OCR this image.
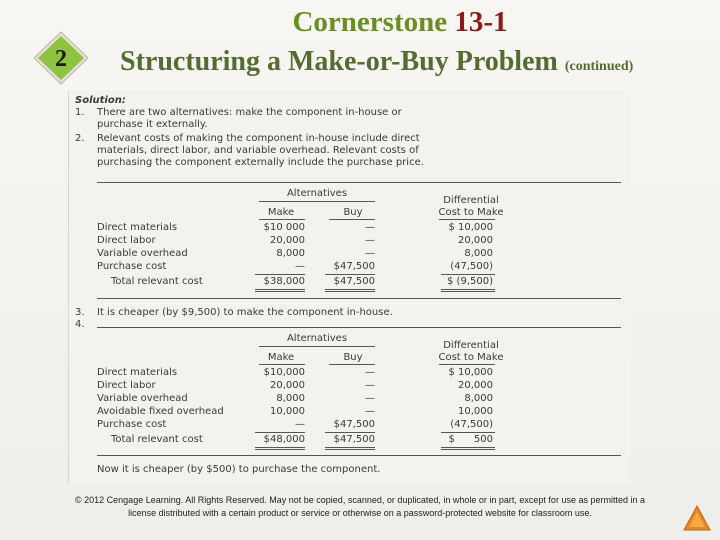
2
Cornerstone 13-1
Structuring a Make-or-Buy Problem (continued)
Solution:
1. There are two alternatives: make the component in-house or
purchase it externally.
2. Relevant costs of making the component in-house include direct
materials, direct labor, and variable overhead. Relevant costs of
purchasing the component externally include the purchase price.
Alternatives
Differential
Cost to Make
Make	Buy
Direct materials	$10 000	—	$ 10,000
Direct labor	20,000	—	20,000
Variable overhead	8,000	—	8,000
Purchase cost	—	$47,500	(47,500)
Total relevant cost	$38,000	$47,500	$ (9,500)
3. It is cheaper (by $9,500) to make the component in-house.
4.
Alternatives
Differential
Cost to Make
Make	Buy
Direct materials	$10,000	—	$ 10,000
Direct labor	20,000	—	20,000
Variable overhead	8,000	—	8,000
Avoidable fixed overhead	10,000	—	10,000
Purchase cost	—	$47,500	(47,500)
Total relevant cost	$48,000	$47,500	$      500
Now it is cheaper (by $500) to purchase the component.
© 2012 Cengage Learning. All Rights Reserved. May not be copied, scanned, or duplicated, in whole or in part, except for use as permitted in a
license distributed with a certain product or service or otherwise on a password-protected website for classroom use.
